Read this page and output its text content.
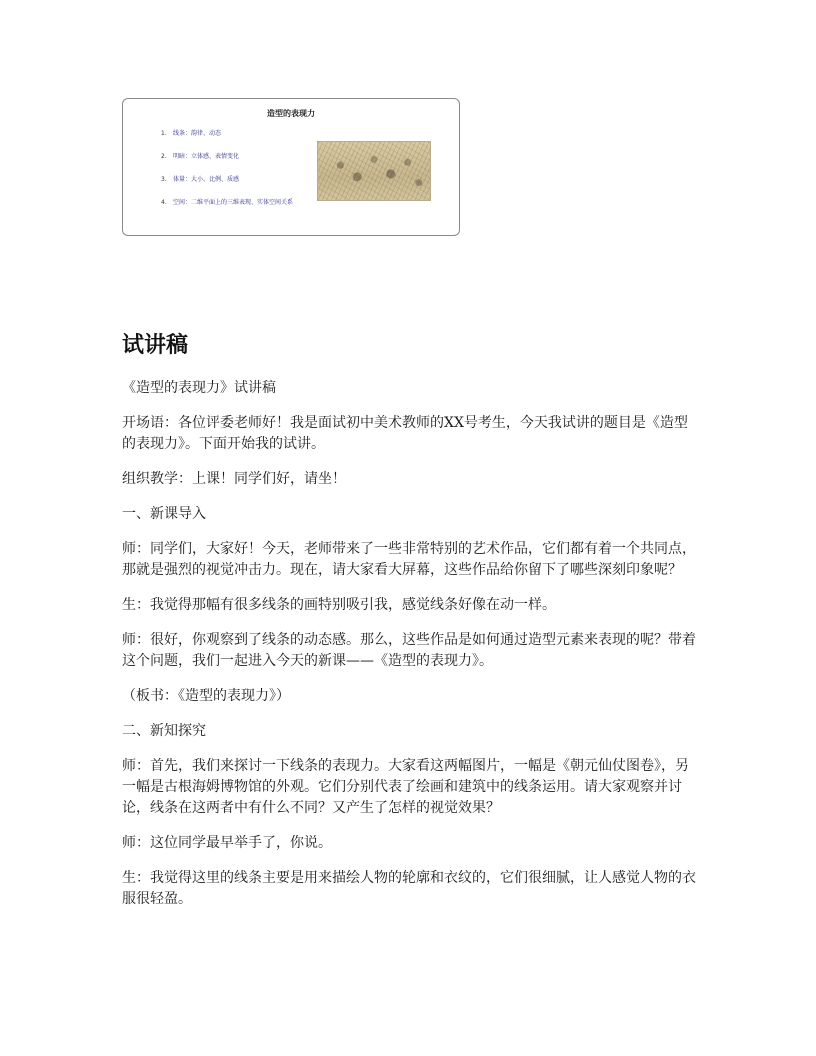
造型的表现力
1. 线条：韵律、动态
2. 明暗：立体感、表情变化
3. 体量：大小、比例、质感
4. 空间：二维平面上的三维表现、实体空间关系
试讲稿

《造型的表现力》试讲稿

开场语：各位评委老师好！我是面试初中美术教师的XX号考生，今天我试讲的题目是《造型的表现力》。下面开始我的试讲。

组织教学：上课！同学们好，请坐！

一、新课导入

师：同学们，大家好！今天，老师带来了一些非常特别的艺术作品，它们都有着一个共同点，那就是强烈的视觉冲击力。现在，请大家看大屏幕，这些作品给你留下了哪些深刻印象呢？

生：我觉得那幅有很多线条的画特别吸引我，感觉线条好像在动一样。

师：很好，你观察到了线条的动态感。那么，这些作品是如何通过造型元素来表现的呢？带着这个问题，我们一起进入今天的新课——《造型的表现力》。

（板书：《造型的表现力》）

二、新知探究

师：首先，我们来探讨一下线条的表现力。大家看这两幅图片，一幅是《朝元仙仗图卷》，另一幅是古根海姆博物馆的外观。它们分别代表了绘画和建筑中的线条运用。请大家观察并讨论，线条在这两者中有什么不同？又产生了怎样的视觉效果？

师：这位同学最早举手了，你说。

生：我觉得这里的线条主要是用来描绘人物的轮廓和衣纹的，它们很细腻，让人感觉人物的衣服很轻盈。
